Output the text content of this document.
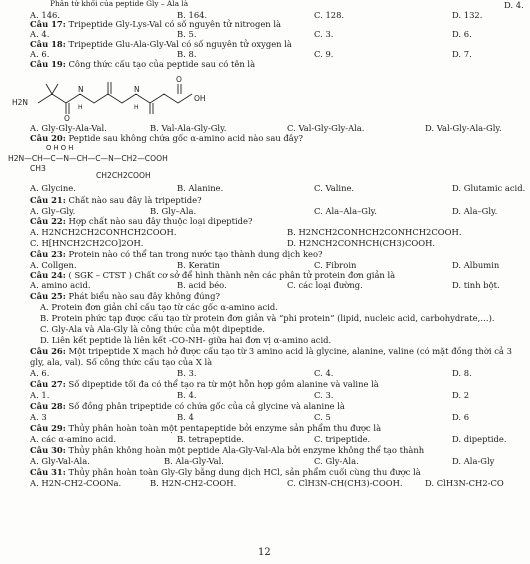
Phân tử khối của peptide Gly – Ala là	D. 4.
A. 146.	B. 164.	C. 128.	D. 132.
Câu 17: Tripeptide Gly-Lys-Val có số nguyên tử nitrogen là
A. 4.	B. 5.	C. 3.	D. 6.
Câu 18: Tripeptide Glu-Ala-Gly-Val có số nguyên tử oxygen là
A. 6.	B. 8.	C. 9.	D. 7.
Câu 19: Công thức cấu tạo của peptide sau có tên là
H2N
N
H
N
H
O
O
OH
A. Gly-Gly-Ala-Val.	B. Val-Ala-Gly-Gly.	C. Val-Gly-Gly-Ala.	D. Val-Gly-Ala-Gly.
Câu 20: Peptide sau không chứa gốc α-amino acid nào sau đây?
O H O H
H2N—CH—C—N—CH—C—N—CH2—COOH
CH3
CH2CH2COOH
A. Glycine.	B. Alanine.	C. Valine.	D. Glutamic acid.
Câu 21: Chất nào sau đây là tripeptide?
A. Gly–Gly.	B. Gly–Ala.	C. Ala–Ala–Gly.	D. Ala–Gly.
Câu 22: Hợp chất nào sau đây thuộc loại dipeptide?
A. H2NCH2CH2CONHCH2COOH.	B. H2NCH2CONHCH2CONHCH2COOH.
C. H[HNCH2CH2CO]2OH.	D. H2NCH2CONHCH(CH3)COOH.
Câu 23: Protein nào có thể tan trong nước tạo thành dung dịch keo?
A. Collgen.	B. Keratin	C. Fibroin	D. Albumin
Câu 24: ( SGK – CTST ) Chất cơ sở để hình thành nên các phân tử protein đơn giản là
A. amino acid.	B. acid béo.	C. các loại đường.	D. tinh bột.
Câu 25: Phát biểu nào sau đây không đúng?
A. Protein đơn giản chỉ cấu tạo từ các gốc α-amino acid.
B. Protein phức tạp được cấu tạo từ protein đơn giản và “phi protein” (lipid, nucleic acid, carbohydrate,…).
C. Gly-Ala và Ala-Gly là công thức của một dipeptide.
D. Liên kết peptide là liên kết -CO-NH- giữa hai đơn vị α-amino acid.
Câu 26: Một tripeptide X mạch hở được cấu tạo từ 3 amino acid là glycine, alanine, valine (có mặt đồng thời cả 3
gly, ala, val). Số công thức cấu tạo của X là
A. 6.	B. 3.	C. 4.	D. 8.
Câu 27: Số dipeptide tối đa có thể tạo ra từ một hỗn hợp gồm alanine và valine là
A. 1.	B. 4.	C. 3.	D. 2
Câu 28: Số đồng phân tripeptide có chứa gốc của cả glycine và alanine là
A. 3	B. 4	C. 5	D. 6
Câu 29: Thủy phân hoàn toàn một pentapeptide bởi enzyme sản phẩm thu được là
A. các α-amino acid.	B. tetrapeptide.	C. tripeptide.	D. dipeptide.
Câu 30: Thủy phân không hoàn một peptide Ala-Gly-Val-Ala bởi enzyme không thể tạo thành
A. Gly-Val-Ala.	B. Ala-Gly-Val.	C. Gly-Ala.	D. Ala-Gly
Câu 31: Thủy phân hoàn toàn Gly-Gly bằng dung dịch HCl, sản phẩm cuối cùng thu được là
A. H2N-CH2-COONa.	B. H2N-CH2-COOH.	C. ClH3N-CH(CH3)-COOH.	D. ClH3N-CH2-CO
12
